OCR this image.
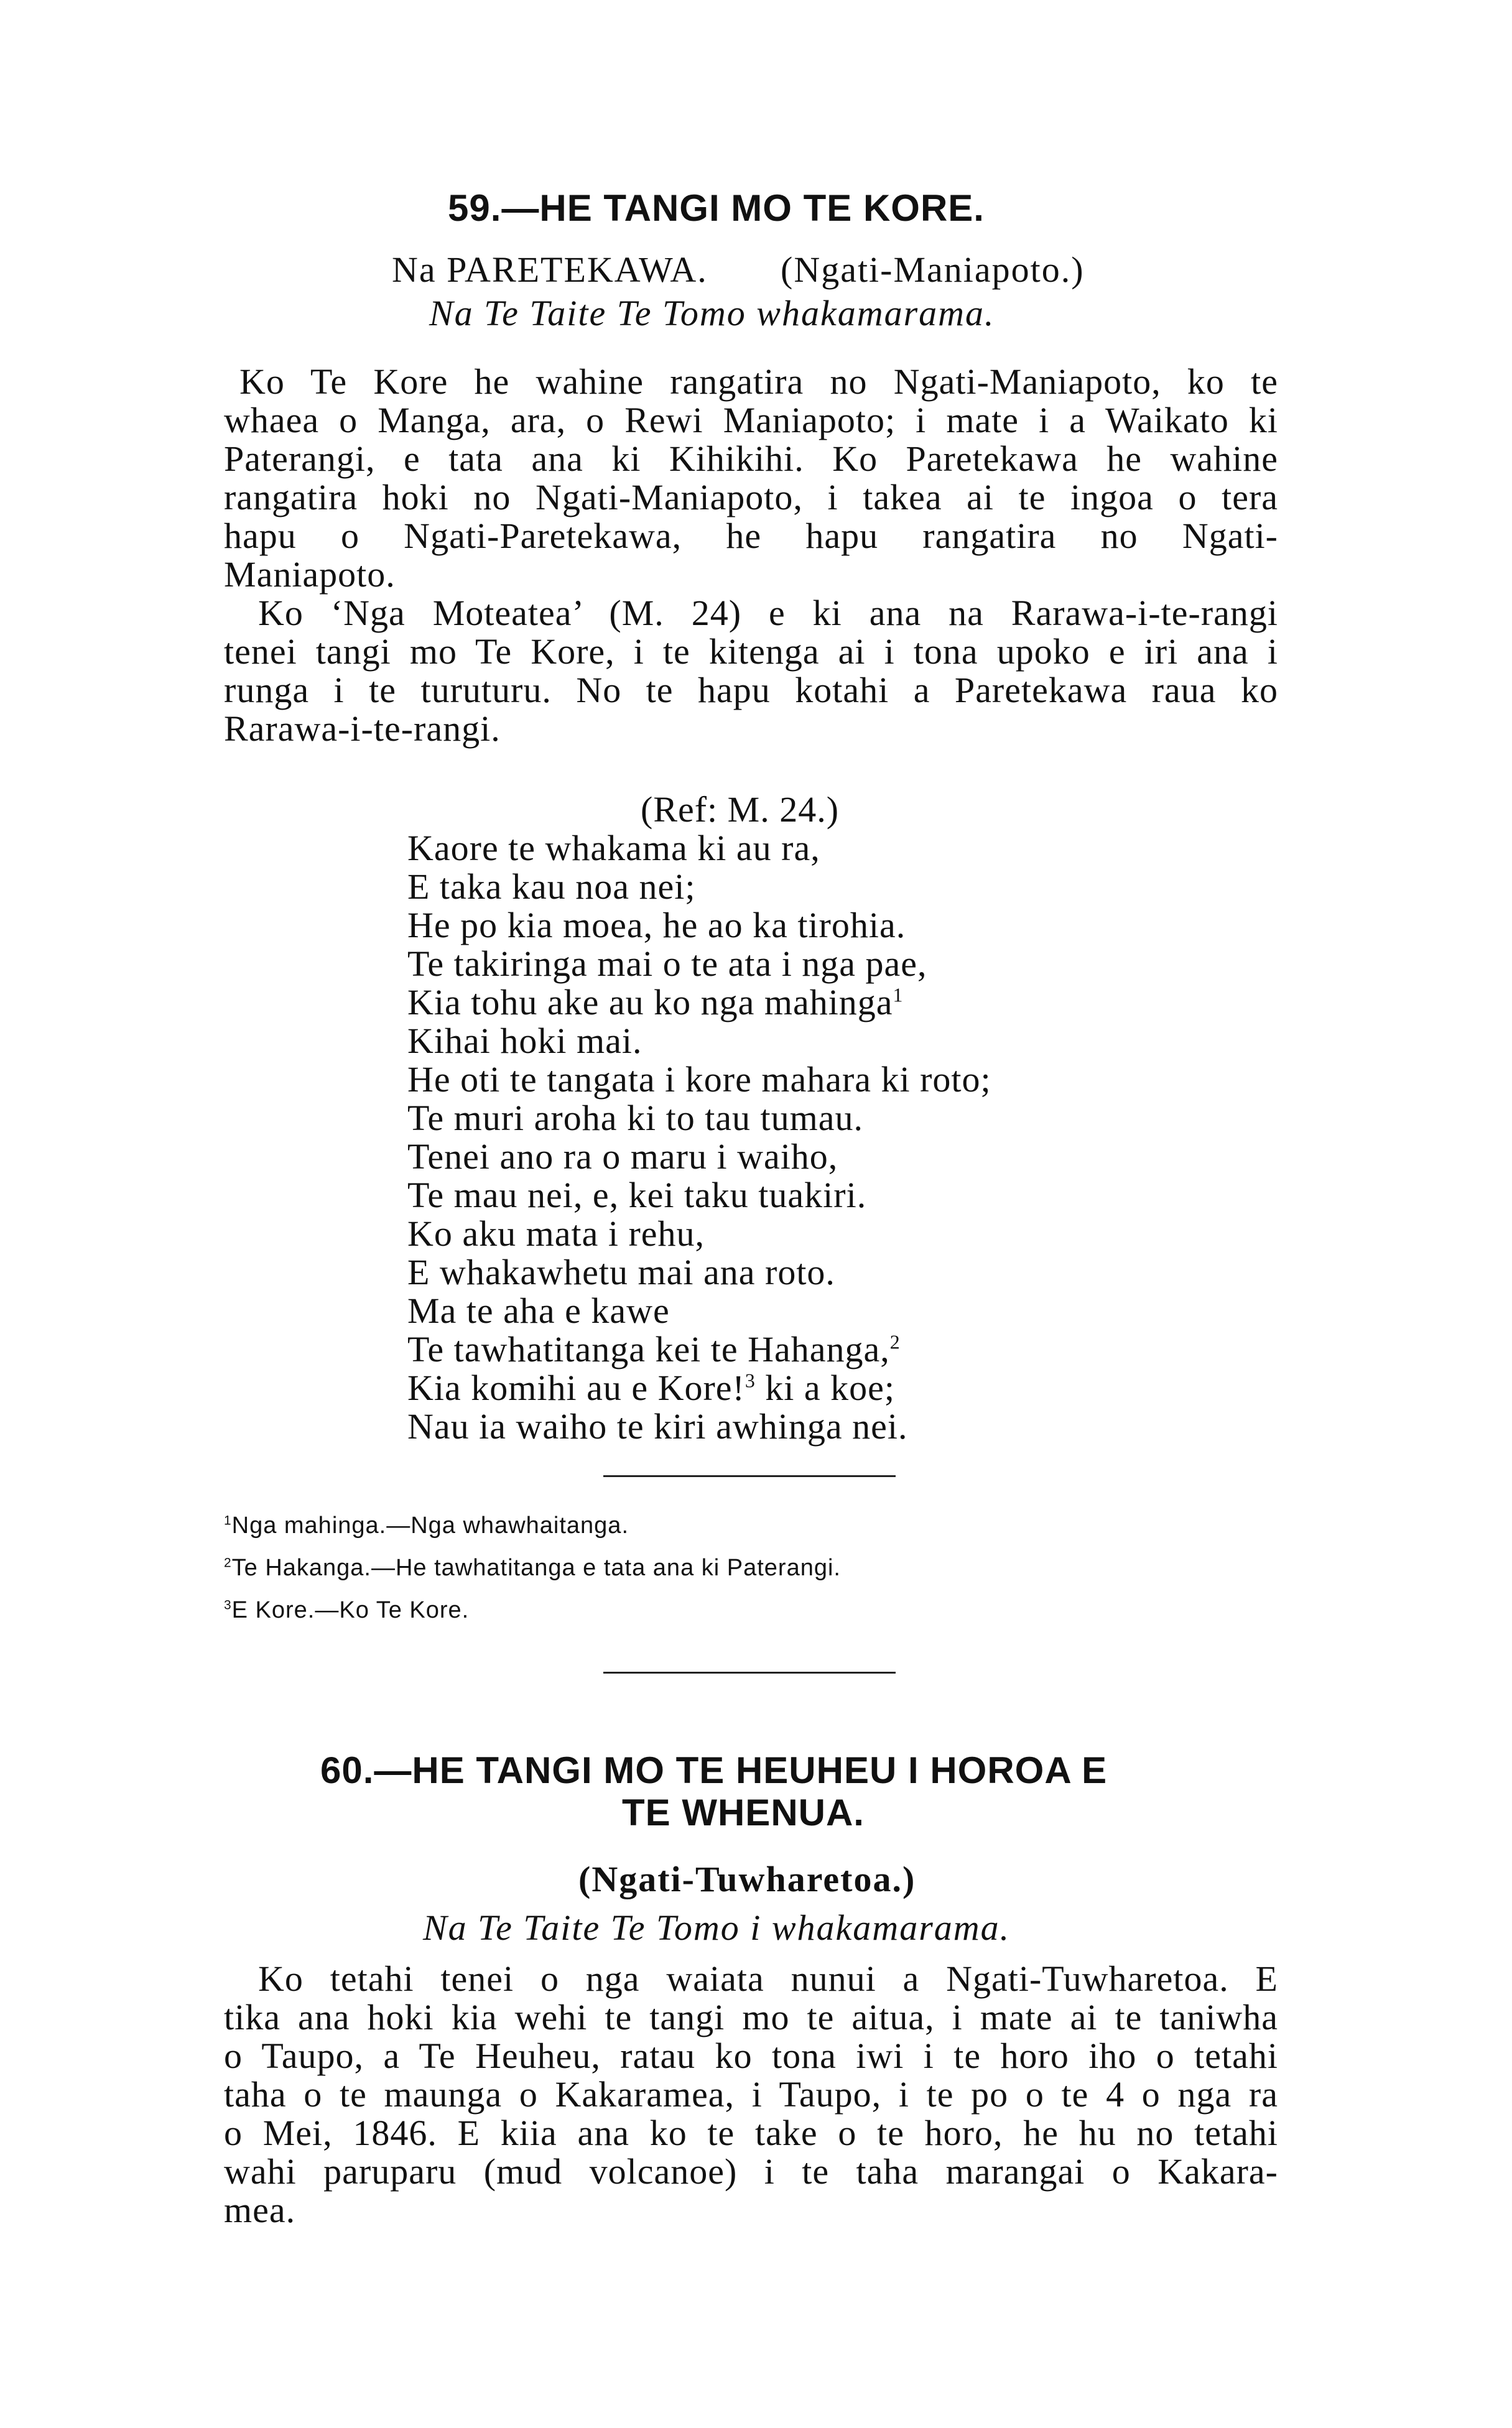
59.—HE TANGI MO TE KORE.
Na PARETEKAWA. (Ngati-Maniapoto.)
Na Te Taite Te Tomo whakamarama.
Ko Te Kore he wahine rangatira no Ngati-Maniapoto, ko te
whaea o Manga, ara, o Rewi Maniapoto; i mate i a Waikato ki
Paterangi, e tata ana ki Kihikihi. Ko Paretekawa he wahine
rangatira hoki no Ngati-Maniapoto, i takea ai te ingoa o tera
hapu o Ngati-Paretekawa, he hapu rangatira no Ngati-
Maniapoto.
Ko ‘Nga Moteatea’ (M. 24) e ki ana na Rarawa-i-te-rangi
tenei tangi mo Te Kore, i te kitenga ai i tona upoko e iri ana i
runga i te turuturu. No te hapu kotahi a Paretekawa raua ko
Rarawa-i-te-rangi.
(Ref: M. 24.)
Kaore te whakama ki au ra,
E taka kau noa nei;
He po kia moea, he ao ka tirohia.
Te takiringa mai o te ata i nga pae,
Kia tohu ake au ko nga mahinga$^1$
Kihai hoki mai.
He oti te tangata i kore mahara ki roto;
Te muri aroha ki to tau tumau.
Tenei ano ra o maru i waiho,
Te mau nei, e, kei taku tuakiri.
Ko aku mata i rehu,
E whakawhetu mai ana roto.
Ma te aha e kawe
Te tawhatitanga kei te Hahanga,$^2$
Kia komihi au e Kore!$^3$ ki a koe;
Nau ia waiho te kiri awhinga nei.
$^1$Nga mahinga.—Nga whawhaitanga.
$^2$Te Hakanga.—He tawhatitanga e tata ana ki Paterangi.
$^3$E Kore.—Ko Te Kore.
60.—HE TANGI MO TE HEUHEU I HOROA E
TE WHENUA.
(Ngati-Tuwharetoa.)
Na Te Taite Te Tomo i whakamarama.
Ko tetahi tenei o nga waiata nunui a Ngati-Tuwharetoa. E
tika ana hoki kia wehi te tangi mo te aitua, i mate ai te taniwha
o Taupo, a Te Heuheu, ratau ko tona iwi i te horo iho o tetahi
taha o te maunga o Kakaramea, i Taupo, i te po o te 4 o nga ra
o Mei, 1846. E kiia ana ko te take o te horo, he hu no tetahi
wahi paruparu (mud volcanoe) i te taha marangai o Kakara-
mea.
